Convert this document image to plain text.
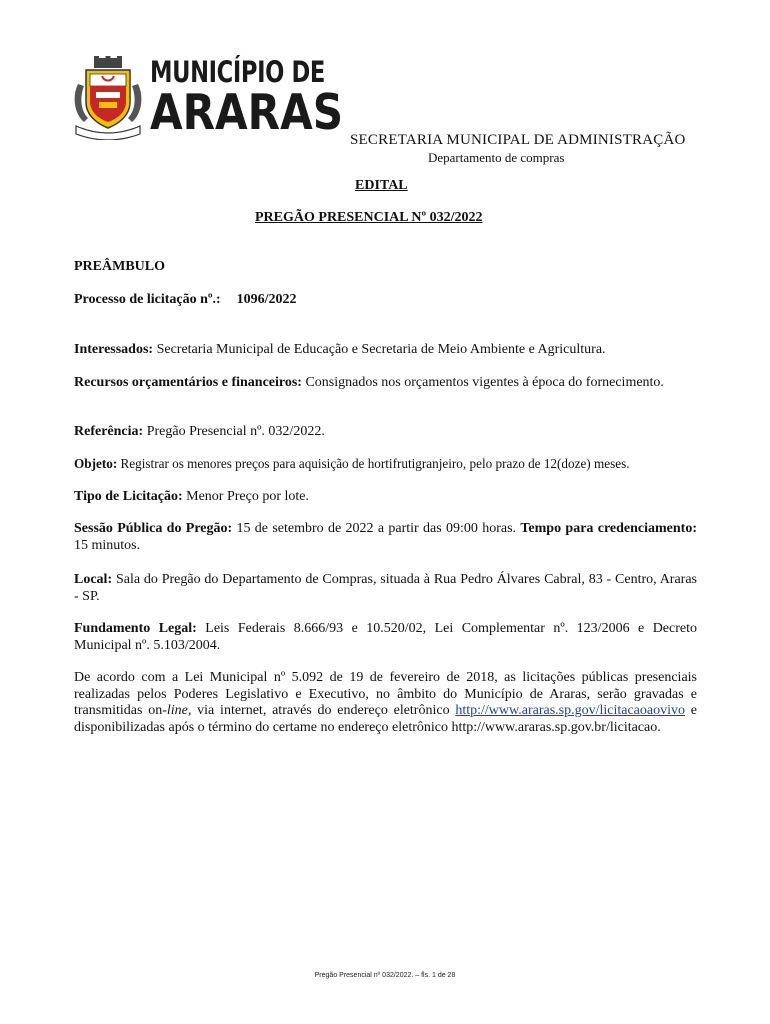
MUNICÍPIO DE
ARARAS SECRETARIA MUNICIPAL DE ADMINISTRAÇÃO
Departamento de compras
EDITAL
PREGÃO PRESENCIAL Nº 032/2022
PREÂMBULO
Processo de licitação nº.: 1096/2022
Interessados: Secretaria Municipal de Educação e Secretaria de Meio Ambiente e Agricultura.
Recursos orçamentários e financeiros: Consignados nos orçamentos vigentes à época do fornecimento.
Referência: Pregão Presencial nº. 032/2022.
Objeto: Registrar os menores preços para aquisição de hortifrutigranjeiro, pelo prazo de 12(doze) meses.
Tipo de Licitação: Menor Preço por lote.
Sessão Pública do Pregão: 15 de setembro de 2022 a partir das 09:00 horas. Tempo para credenciamento: 15 minutos.
Local: Sala do Pregão do Departamento de Compras, situada à Rua Pedro Álvares Cabral, 83 - Centro, Araras - SP.
Fundamento Legal: Leis Federais 8.666/93 e 10.520/02, Lei Complementar nº. 123/2006 e Decreto Municipal nº. 5.103/2004.
De acordo com a Lei Municipal nº 5.092 de 19 de fevereiro de 2018, as licitações públicas presenciais realizadas pelos Poderes Legislativo e Executivo, no âmbito do Município de Araras, serão gravadas e transmitidas on-line, via internet, através do endereço eletrônico http://www.araras.sp.gov/licitacaoaovivo e disponibilizadas após o término do certame no endereço eletrônico http://www.araras.sp.gov.br/licitacao.
Pregão Presencial nº 032/2022. – fls. 1 de 28
